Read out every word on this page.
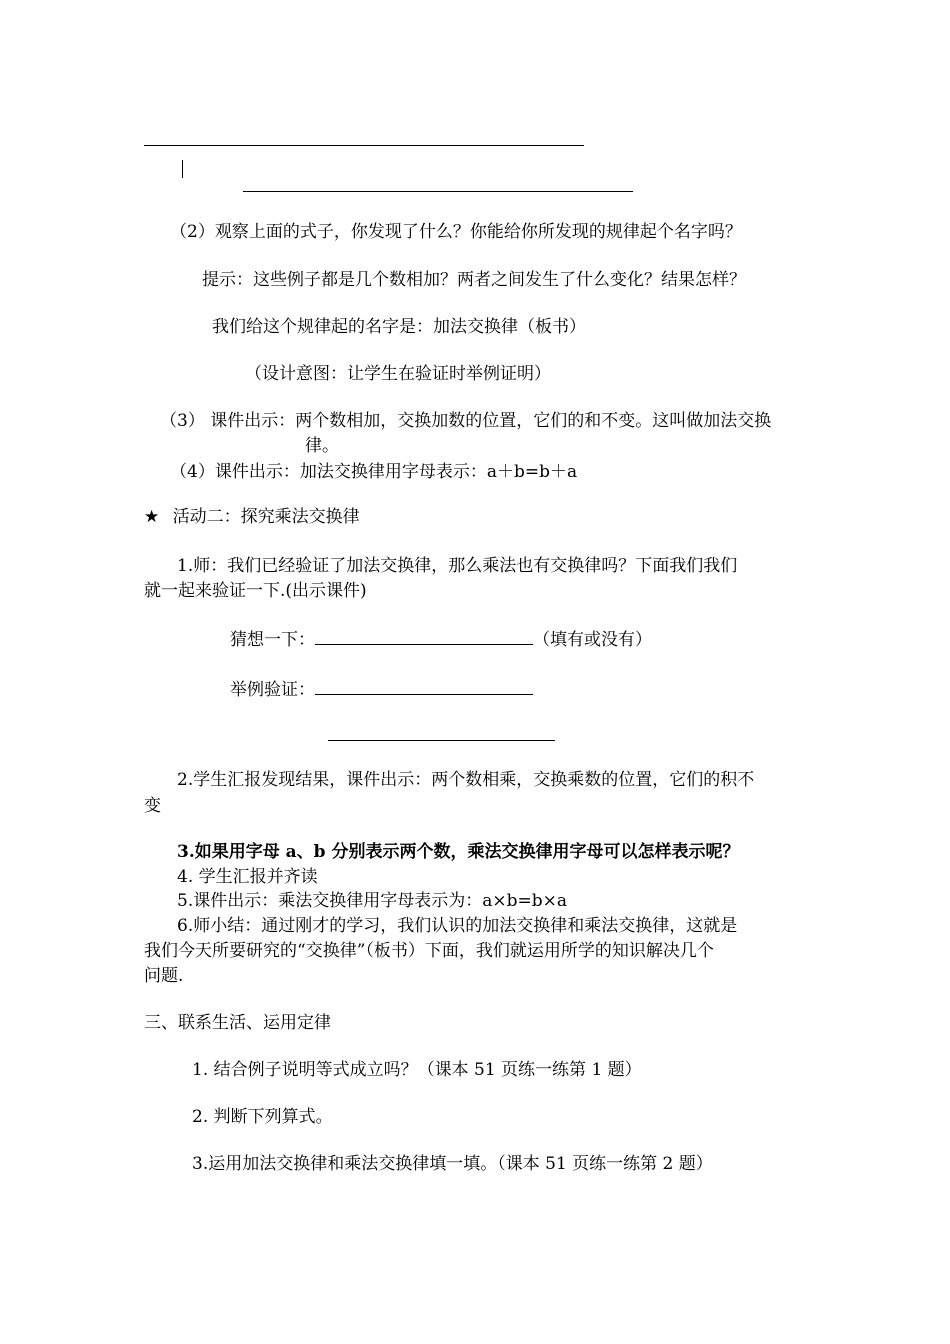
（2）观察上面的式子，你发现了什么？你能给你所发现的规律起个名字吗？
提示：这些例子都是几个数相加？两者之间发生了什么变化？结果怎样？
我们给这个规律起的名字是：加法交换律（板书）
（设计意图：让学生在验证时举例证明）
（3） 课件出示：两个数相加，交换加数的位置，它们的和不变。这叫做加法交换
律。
（4）课件出示：加法交换律用字母表示：a＋b=b＋a
★ 活动二：探究乘法交换律
1.师：我们已经验证了加法交换律，那么乘法也有交换律吗？下面我们我们
就一起来验证一下.(出示课件)
猜想一下：	（填有或没有）
举例验证：
2.学生汇报发现结果，课件出示：两个数相乘，交换乘数的位置，它们的积不
变
3.如果用字母 a、b 分别表示两个数，乘法交换律用字母可以怎样表示呢？
4. 学生汇报并齐读
5.课件出示：乘法交换律用字母表示为：a×b=b×a
6.师小结：通过刚才的学习，我们认识的加法交换律和乘法交换律，这就是
我们今天所要研究的“交换律”（板书）下面，我们就运用所学的知识解决几个
问题.
三、联系生活、运用定律
1. 结合例子说明等式成立吗？（课本 51 页练一练第 1 题）
2. 判断下列算式。
3.运用加法交换律和乘法交换律填一填。（课本 51 页练一练第 2 题）
